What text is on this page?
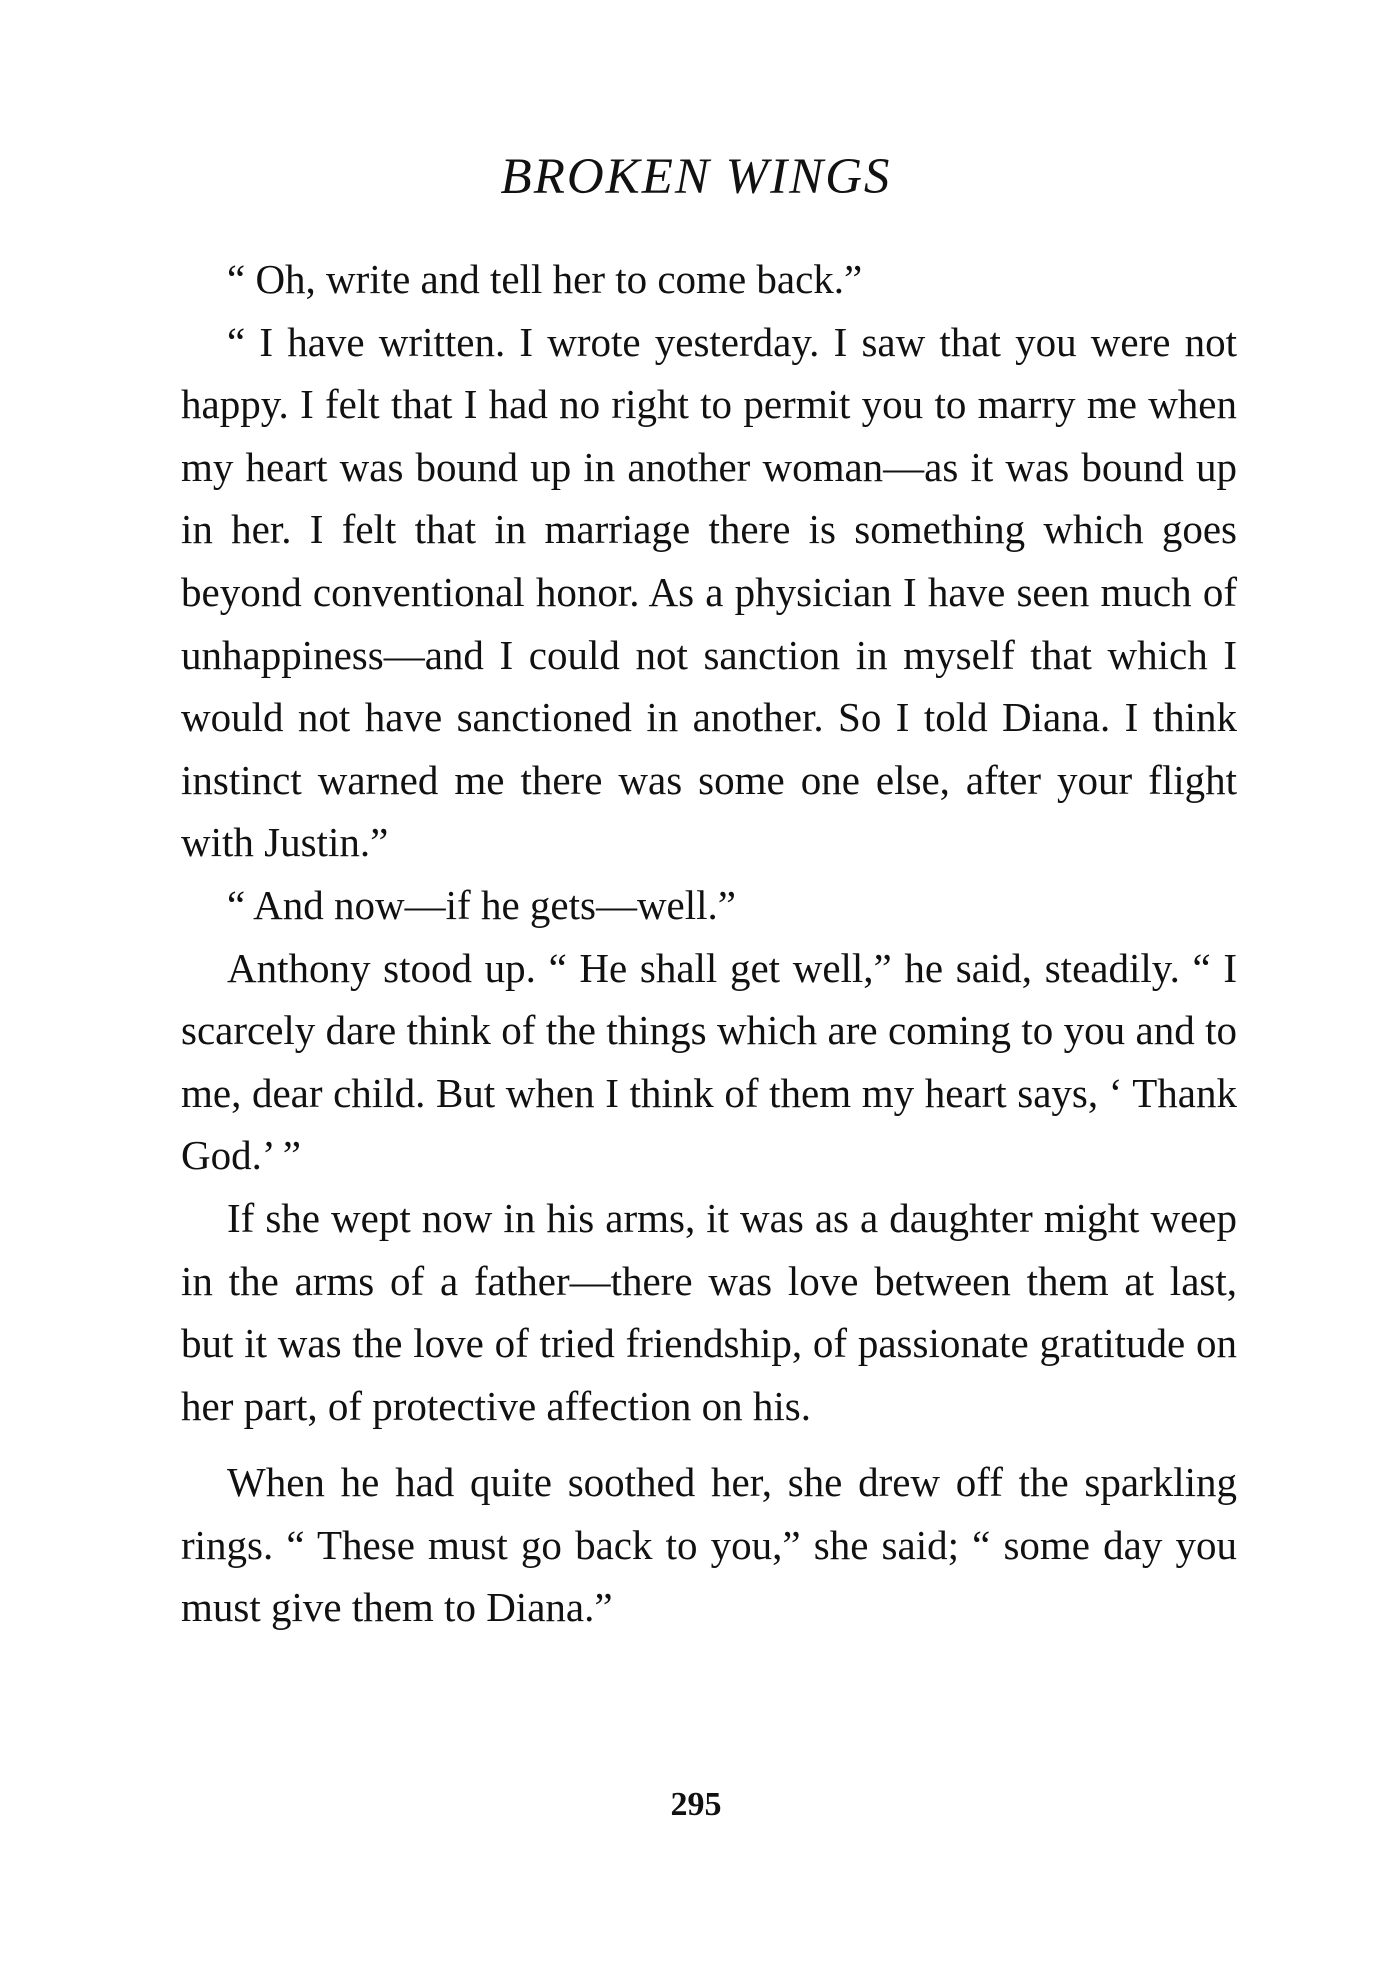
BROKEN WINGS

“ Oh, write and tell her to come back.”

“ I have written. I wrote yesterday. I saw that you were not happy. I felt that I had no right to permit you to marry me when my heart was bound up in another woman—as it was bound up in her. I felt that in marriage there is something which goes beyond conventional honor. As a physician I have seen much of unhappiness—and I could not sanction in myself that which I would not have sanctioned in another. So I told Diana. I think instinct warned me there was some one else, after your flight with Justin.”

“ And now—if he gets—well.”

Anthony stood up. “ He shall get well,” he said, steadily. “ I scarcely dare think of the things which are coming to you and to me, dear child. But when I think of them my heart says, ‘ Thank God.’ ”

If she wept now in his arms, it was as a daughter might weep in the arms of a father—there was love between them at last, but it was the love of tried friendship, of passionate gratitude on her part, of protective affection on his.

When he had quite soothed her, she drew off the sparkling rings. “ These must go back to you,” she said; “ some day you must give them to Diana.”

295
